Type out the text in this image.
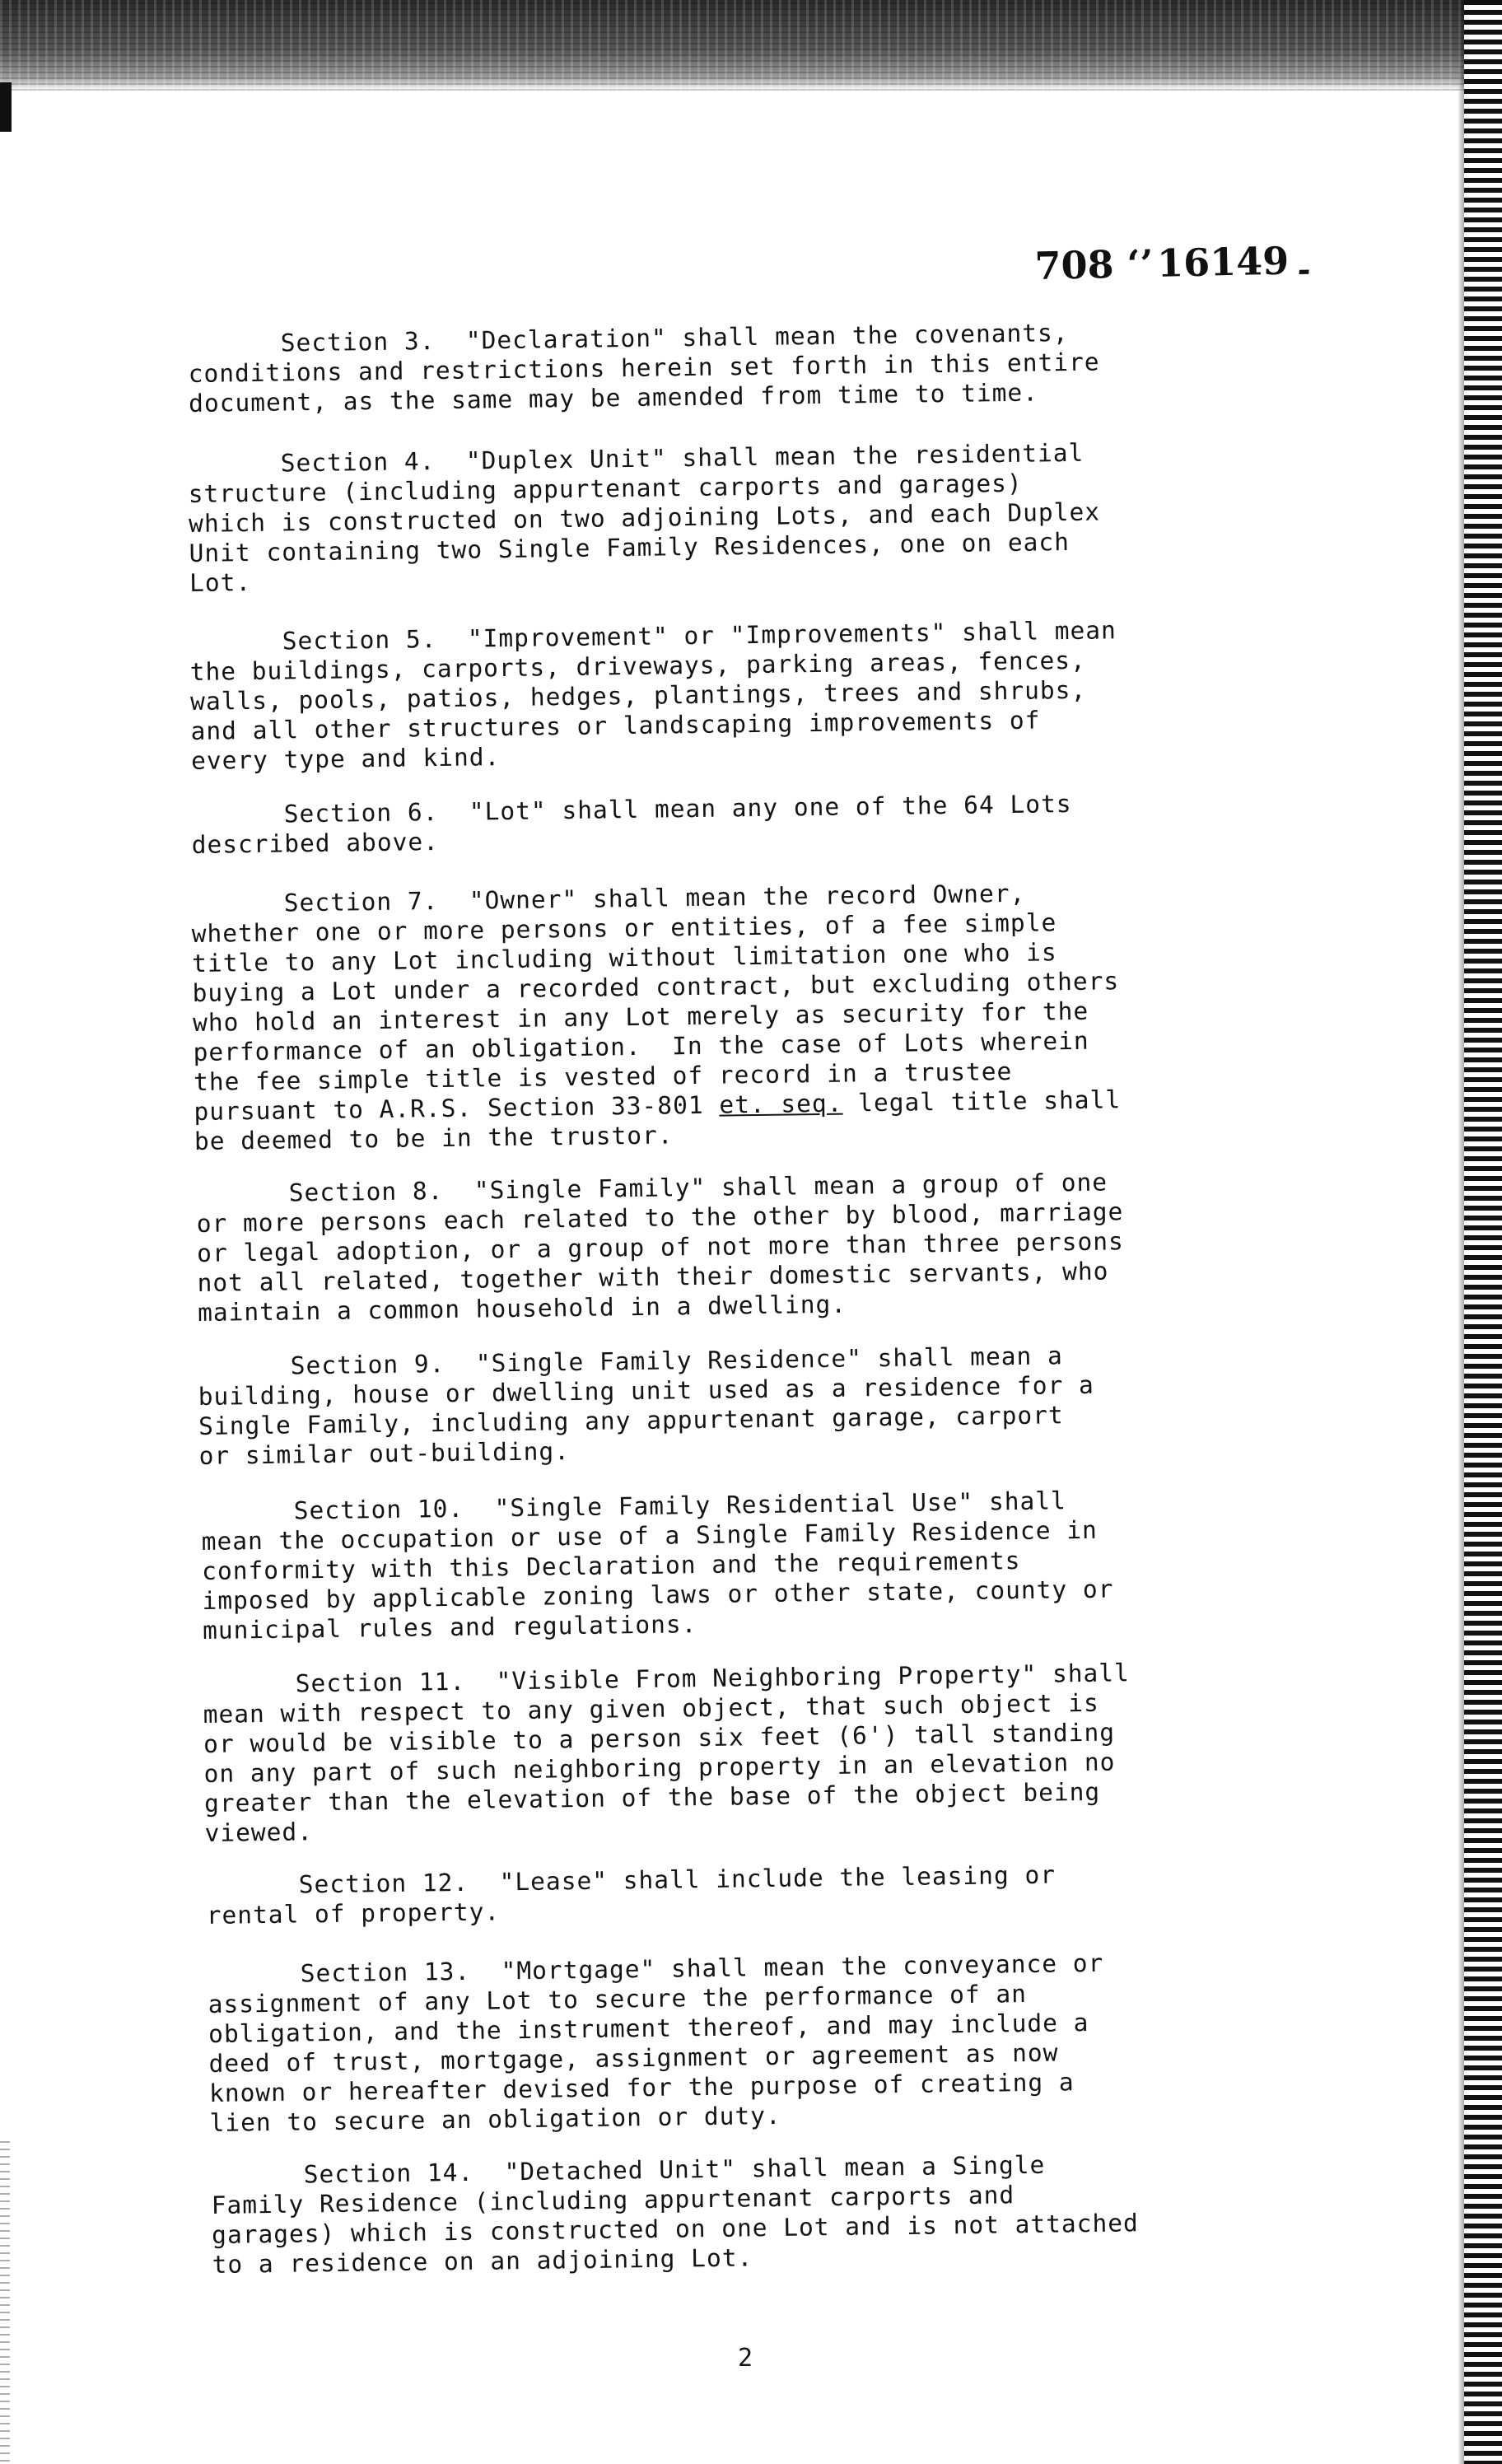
۔ 16149 ’‘ 708

Section 3.  "Declaration" shall mean the covenants,

conditions and restrictions herein set forth in this entire

document, as the same may be amended from time to time.

Section 4.  "Duplex Unit" shall mean the residential

structure (including appurtenant carports and garages)

which is constructed on two adjoining Lots, and each Duplex

Unit containing two Single Family Residences, one on each

Lot.

Section 5.  "Improvement" or "Improvements" shall mean

the buildings, carports, driveways, parking areas, fences,

walls, pools, patios, hedges, plantings, trees and shrubs,

and all other structures or landscaping improvements of

every type and kind.

Section 6.  "Lot" shall mean any one of the 64 Lots

described above.

Section 7.  "Owner" shall mean the record Owner,

whether one or more persons or entities, of a fee simple

title to any Lot including without limitation one who is

buying a Lot under a recorded contract, but excluding others

who hold an interest in any Lot merely as security for the

performance of an obligation.  In the case of Lots wherein

the fee simple title is vested of record in a trustee

pursuant to A.R.S. Section 33-801 et. seq. legal title shall

be deemed to be in the trustor.

Section 8.  "Single Family" shall mean a group of one

or more persons each related to the other by blood, marriage

or legal adoption, or a group of not more than three persons

not all related, together with their domestic servants, who

maintain a common household in a dwelling.

Section 9.  "Single Family Residence" shall mean a

building, house or dwelling unit used as a residence for a

Single Family, including any appurtenant garage, carport

or similar out-building.

Section 10.  "Single Family Residential Use" shall

mean the occupation or use of a Single Family Residence in

conformity with this Declaration and the requirements

imposed by applicable zoning laws or other state, county or

municipal rules and regulations.

Section 11.  "Visible From Neighboring Property" shall

mean with respect to any given object, that such object is

or would be visible to a person six feet (6') tall standing

on any part of such neighboring property in an elevation no

greater than the elevation of the base of the object being

viewed.

Section 12.  "Lease" shall include the leasing or

rental of property.

Section 13.  "Mortgage" shall mean the conveyance or

assignment of any Lot to secure the performance of an

obligation, and the instrument thereof, and may include a

deed of trust, mortgage, assignment or agreement as now

known or hereafter devised for the purpose of creating a

lien to secure an obligation or duty.

Section 14.  "Detached Unit" shall mean a Single

Family Residence (including appurtenant carports and

garages) which is constructed on one Lot and is not attached

to a residence on an adjoining Lot.

2
